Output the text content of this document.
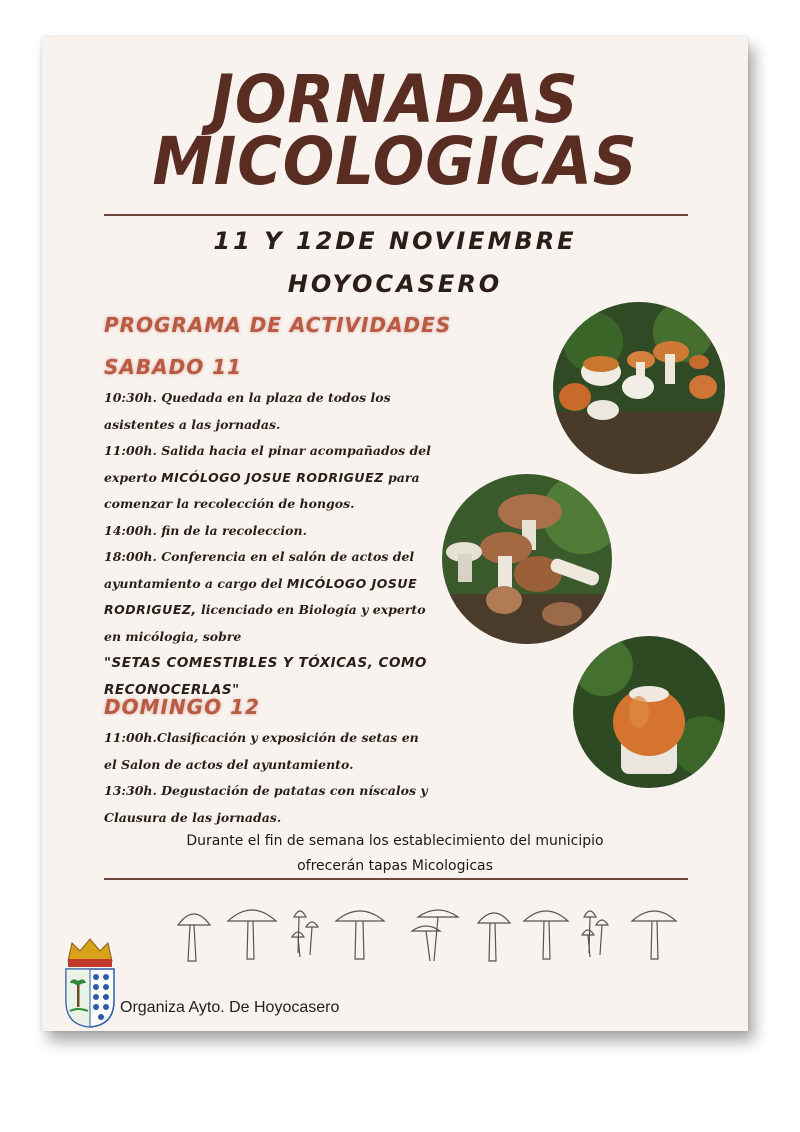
JORNADAS
MICOLOGICAS
11 Y 12DE NOVIEMBRE
HOYOCASERO
PROGRAMA DE ACTIVIDADES
SABADO 11

10:30h. Quedada en la plaza de todos los asistentes a las jornadas.

11:00h. Salida hacia el pinar acompañados del experto MICÓLOGO JOSUE RODRIGUEZ para comenzar la recolección de hongos.

14:00h. fin de la recoleccion.

18:00h. Conferencia en el salón de actos del ayuntamiento a cargo del MICÓLOGO JOSUE RODRIGUEZ, licenciado en Biología y experto en micólogia, sobre

"SETAS COMESTIBLES Y TÓXICAS, COMO RECONOCERLAS"

DOMINGO 12

11:00h.Clasificación y exposición de setas en el Salon de actos del ayuntamiento.

13:30h. Degustación de patatas con níscalos y Clausura de las jornadas.

Durante el fin de semana los establecimiento del municipio
ofrecerán tapas Micologicas
Organiza Ayto. De Hoyocasero
